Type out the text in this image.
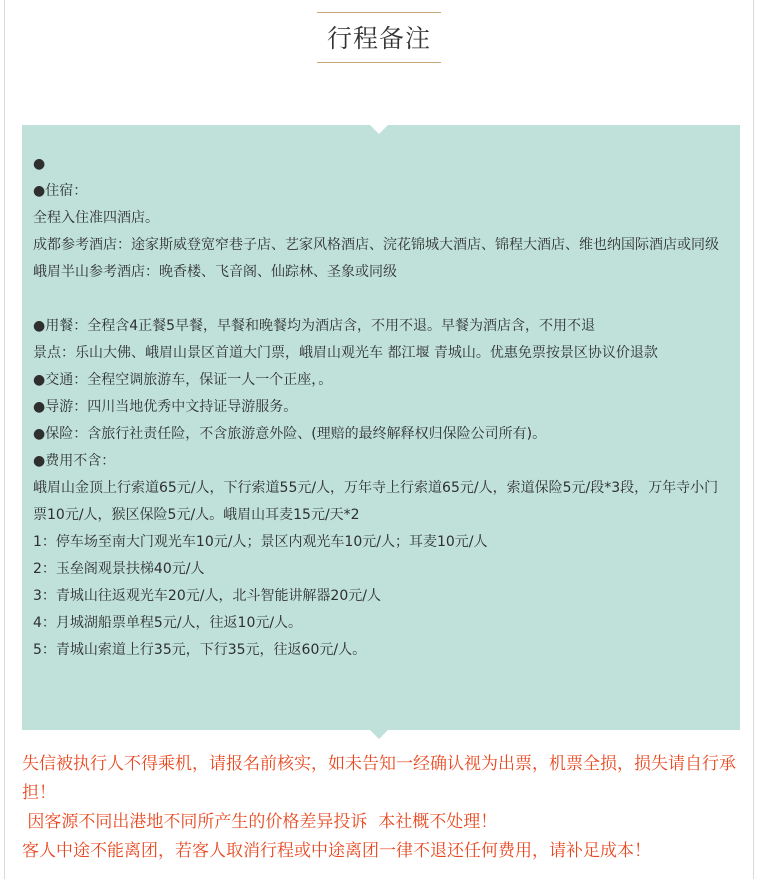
行程备注
●
●住宿：
全程入住准四酒店。
成都参考酒店：途家斯威登宽窄巷子店、艺家风格酒店、浣花锦城大酒店、锦程大酒店、维也纳国际酒店或同级
峨眉半山参考酒店：晚香楼、飞音阁、仙踪林、圣象或同级
●用餐：全程含4正餐5早餐，早餐和晚餐均为酒店含，不用不退。早餐为酒店含，不用不退
景点：乐山大佛、峨眉山景区首道大门票，峨眉山观光车 都江堰 青城山。优惠免票按景区协议价退款
●交通：全程空调旅游车，保证一人一个正座，。
●导游：四川当地优秀中文持证导游服务。
●保险：含旅行社责任险，不含旅游意外险、(理赔的最终解释权归保险公司所有)。
●费用不含：
峨眉山金顶上行索道65元/人，下行索道55元/人，万年寺上行索道65元/人，索道保险5元/段*3段，万年寺小门票10元/人，猴区保险5元/人。峨眉山耳麦15元/天*2
1：停车场至南大门观光车10元/人；景区内观光车10元/人；耳麦10元/人
2：玉垒阁观景扶梯40元/人
3：青城山往返观光车20元/人，北斗智能讲解器20元/人
4：月城湖船票单程5元/人，往返10元/人。
5：青城山索道上行35元，下行35元，往返60元/人。
失信被执行人不得乘机，请报名前核实，如未告知一经确认视为出票，机票全损，损失请自行承担！
因客源不同出港地不同所产生的价格差异投诉  本社概不处理！
客人中途不能离团，若客人取消行程或中途离团一律不退还任何费用，请补足成本！
